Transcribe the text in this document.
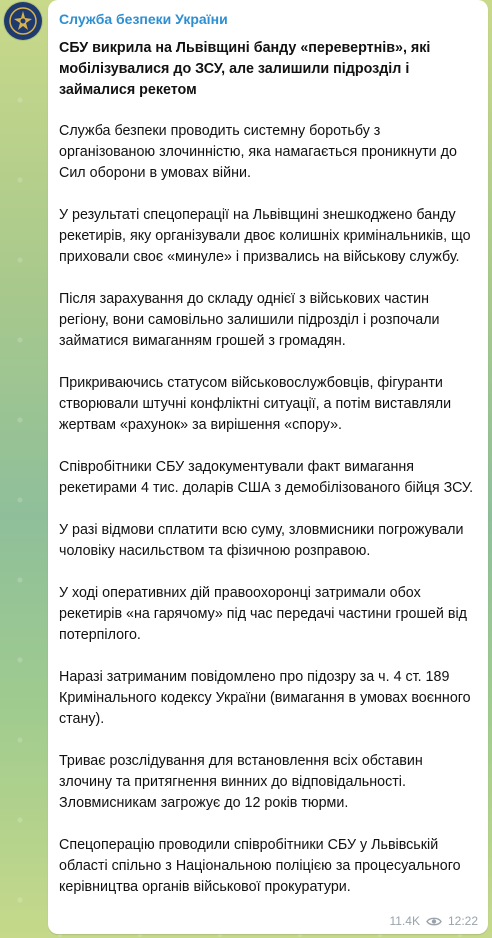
Служба безпеки України
СБУ викрила на Львівщині банду «перевертнів», які мобілізувалися до ЗСУ, але залишили підрозділ і займалися рекетом
Служба безпеки проводить системну боротьбу з організованою злочинністю, яка намагається проникнути до Сил оборони в умовах війни.
У результаті спецоперації на Львівщині знешкоджено банду рекетирів, яку організували двоє колишніх кримінальників, що приховали своє «минуле» і призвались на військову службу.
Після зарахування до складу однієї з військових частин регіону, вони самовільно залишили підрозділ і розпочали займатися вимаганням грошей з громадян.
Прикриваючись статусом військовослужбовців, фігуранти створювали штучні конфліктні ситуації, а потім виставляли жертвам «рахунок» за вирішення «спору».
Співробітники СБУ задокументували факт вимагання рекетирами 4 тис. доларів США з демобілізованого бійця ЗСУ.
У разі відмови сплатити всю суму, зловмисники погрожували чоловіку насильством та фізичною розправою.
У ході оперативних дій правоохоронці затримали обох рекетирів «на гарячому» під час передачі частини грошей від потерпілого.
Наразі затриманим повідомлено про підозру за ч. 4 ст. 189 Кримінального кодексу України (вимагання в умовах воєнного стану).
Триває розслідування для встановлення всіх обставин злочину та притягнення винних до відповідальності. Зловмисникам загрожує до 12 років тюрми.
Спецоперацію проводили співробітники СБУ у Львівській області спільно з Національною поліцією за процесуального керівництва органів військової прокуратури.
11.4K 12:22
